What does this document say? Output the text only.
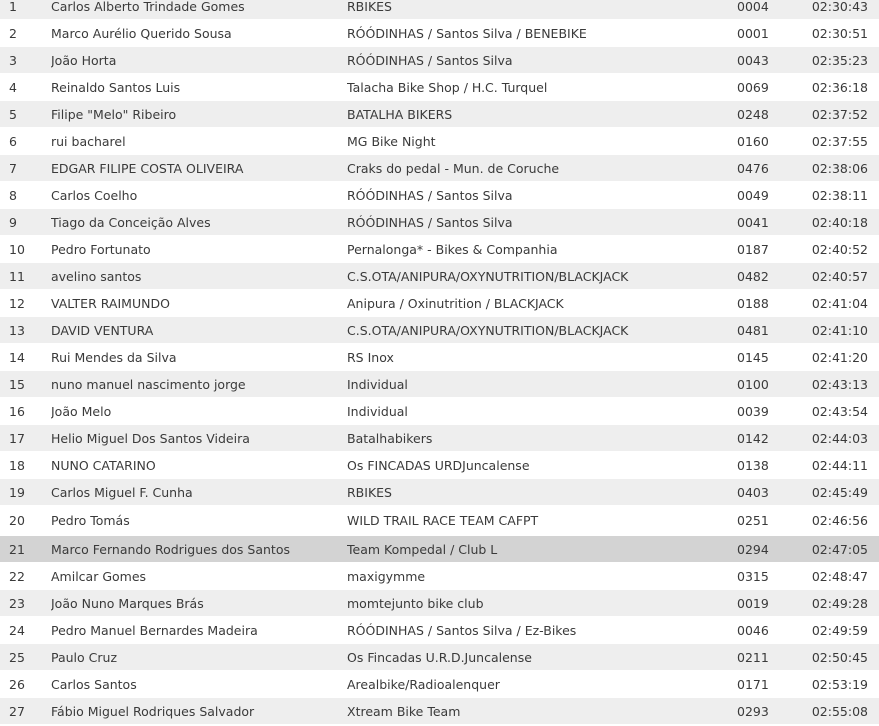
1	Carlos Alberto Trindade Gomes	RBIKES	0004	02:30:43
2	Marco Aurélio Querido Sousa	RÓÓDINHAS / Santos Silva / BENEBIKE	0001	02:30:51
3	João Horta	RÓÓDINHAS / Santos Silva	0043	02:35:23
4	Reinaldo Santos Luis	Talacha Bike Shop / H.C. Turquel	0069	02:36:18
5	Filipe "Melo" Ribeiro	BATALHA BIKERS	0248	02:37:52
6	rui bacharel	MG Bike Night	0160	02:37:55
7	EDGAR FILIPE COSTA OLIVEIRA	Craks do pedal - Mun. de Coruche	0476	02:38:06
8	Carlos Coelho	RÓÓDINHAS / Santos Silva	0049	02:38:11
9	Tiago da Conceição Alves	RÓÓDINHAS / Santos Silva	0041	02:40:18
10	Pedro Fortunato	Pernalonga* - Bikes & Companhia	0187	02:40:52
11	avelino santos	C.S.OTA/ANIPURA/OXYNUTRITION/BLACKJACK	0482	02:40:57
12	VALTER RAIMUNDO	Anipura / Oxinutrition / BLACKJACK	0188	02:41:04
13	DAVID VENTURA	C.S.OTA/ANIPURA/OXYNUTRITION/BLACKJACK	0481	02:41:10
14	Rui Mendes da Silva	RS Inox	0145	02:41:20
15	nuno manuel nascimento jorge	Individual	0100	02:43:13
16	João Melo	Individual	0039	02:43:54
17	Helio Miguel Dos Santos Videira	Batalhabikers	0142	02:44:03
18	NUNO CATARINO	Os FINCADAS URDJuncalense	0138	02:44:11
19	Carlos Miguel F. Cunha	RBIKES	0403	02:45:49
20	Pedro Tomás	WILD TRAIL RACE TEAM CAFPT	0251	02:46:56
21	Marco Fernando Rodrigues dos Santos	Team Kompedal / Club L	0294	02:47:05
22	Amilcar Gomes	maxigymme	0315	02:48:47
23	João Nuno Marques Brás	momtejunto bike club	0019	02:49:28
24	Pedro Manuel Bernardes Madeira	RÓÓDINHAS / Santos Silva / Ez-Bikes	0046	02:49:59
25	Paulo Cruz	Os Fincadas U.R.D.Juncalense	0211	02:50:45
26	Carlos Santos	Arealbike/Radioalenquer	0171	02:53:19
27	Fábio Miguel Rodriques Salvador	Xtream Bike Team	0293	02:55:08
